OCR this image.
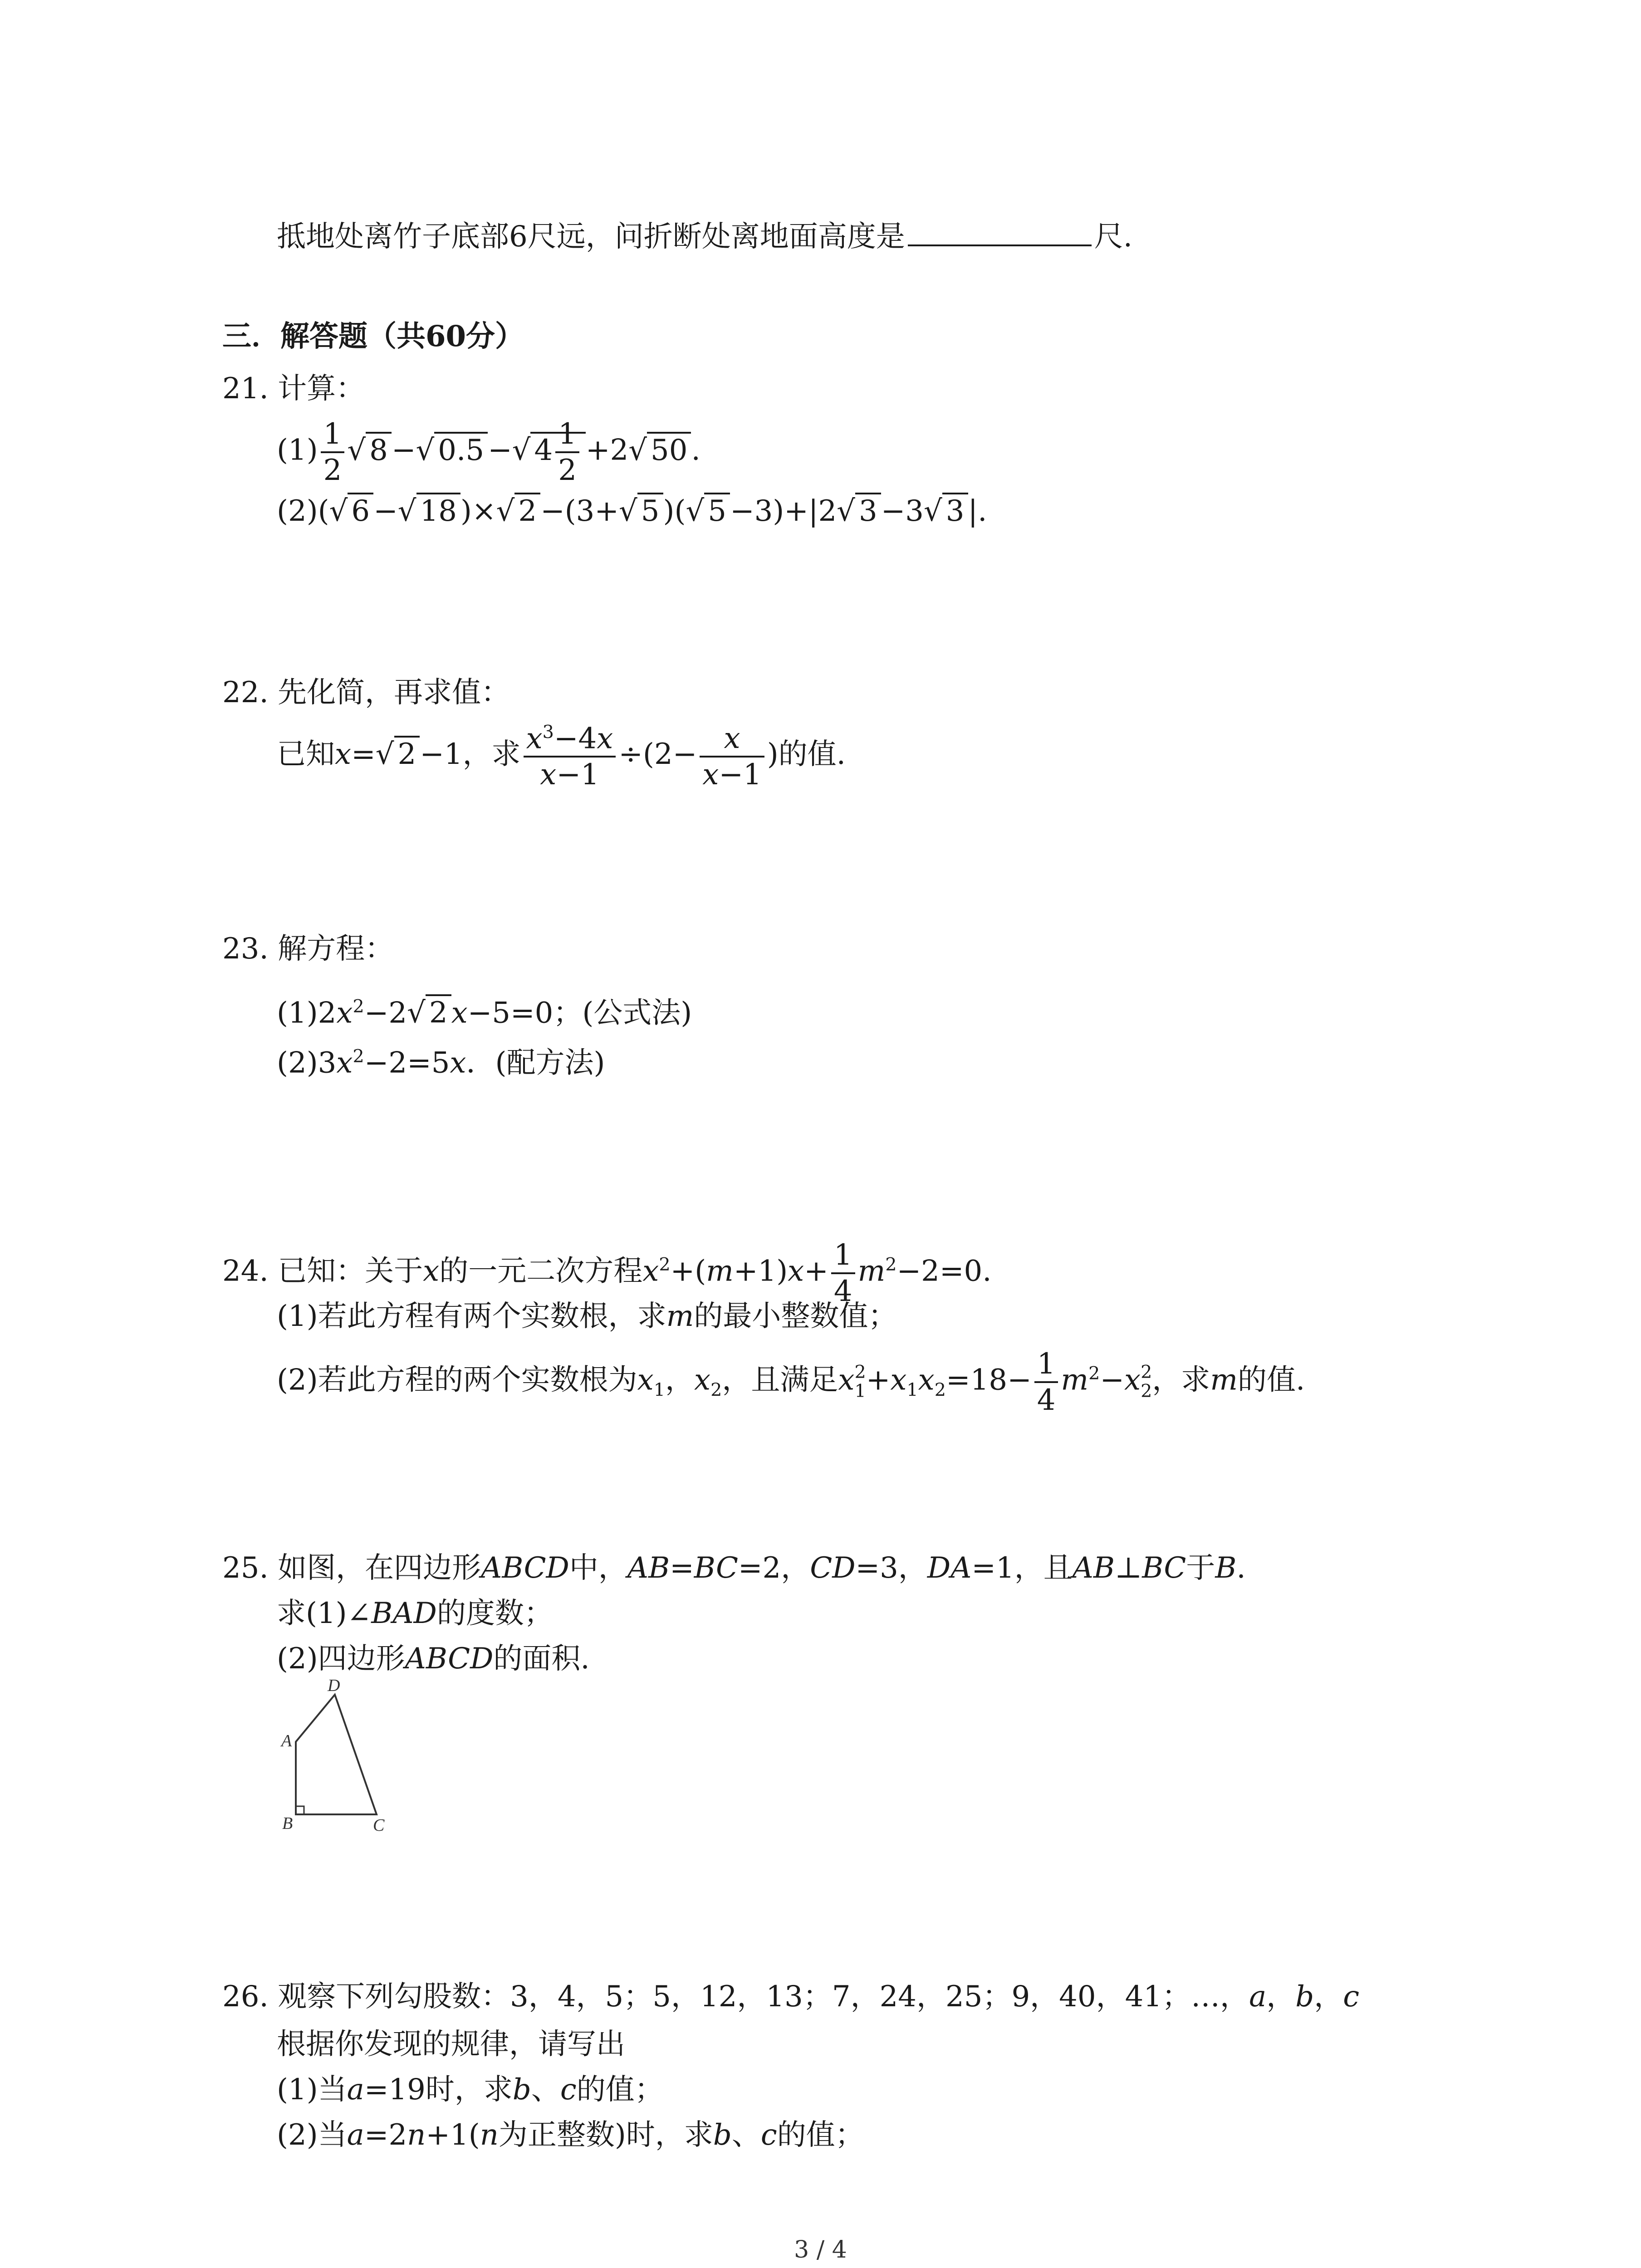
抵地处离竹子底部6尺远，问折断处离地面高度是	尺.
三．解答题（共60分）
21. 计算：
$(1) \frac{1}{2}$ √ 8 −√ 0.5 −√ $4 \frac{1}{2} +2√$ 50 .
(2)(√ 6 −√ 18 )×√ 2 −(3+√ 5 )(√ 5 −3)+|2√ 3 −3√ 3 |.
22. 先化简，再求值：
已知x=√ 2 −1，求 $\frac{x^3-4x}{x-1} \div(2- \frac{x}{x-1}$ )的值.
23. 解方程：
$(1)2x^2-2√$ 2 x−5=0；(公式法)
$(2)3x^2-2=5x$．(配方法)
24. 已知：关于x的一元二次方程$x^2+(m+1)x+ \frac{1}{4} m^2-2=0$.
(1)若此方程有两个实数根，求m的最小整数值；
(2)若此方程的两个实数根为$x_1$，$x_2$，且满足x 2
$1 +x_1x_2=18- \frac{1}{4} m^2-x$ 2
2 ，求m的值.
25. 如图，在四边形ABCD中，AB=BC=2，CD=3，DA=1，且AB⊥BC于B.
求(1)∠BAD的度数；
(2)四边形ABCD的面积.
A
B	C
D
26. 观察下列勾股数：3，4，5；5，12，13；7，24，25；9，40，41；…，a，b，c
根据你发现的规律，请写出
(1)当a=19时，求b、c的值；
(2)当a=2n+1(n为正整数)时，求b、c的值；
3 / 4
